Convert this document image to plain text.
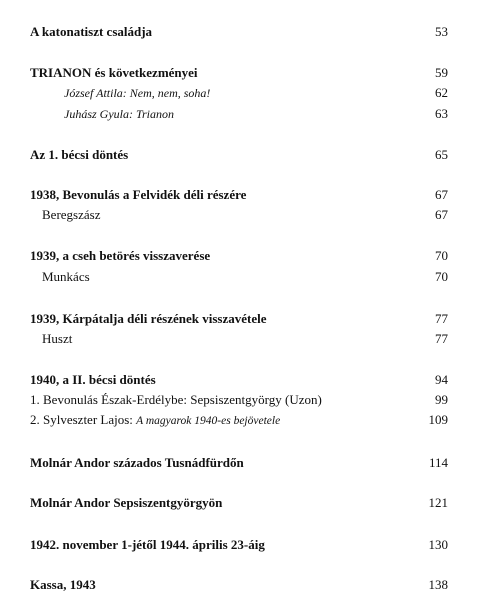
A katonatiszt családja	53
TRIANON és következményei	59
József Attila: Nem, nem, soha!	62
Juhász Gyula: Trianon	63
Az 1. bécsi döntés	65
1938, Bevonulás a Felvidék déli részére	67
Beregszász	67
1939, a cseh betörés visszaverése	70
Munkács	70
1939, Kárpátalja déli részének visszavétele	77
Huszt	77
1940, a II. bécsi döntés	94
1. Bevonulás Észak-Erdélybe: Sepsiszentgyörgy (Uzon)	99
2. Sylveszter Lajos: A magyarok 1940-es bejövetele	109
Molnár Andor százados Tusnádfürdőn	114
Molnár Andor Sepsiszentgyörgyön	121
1942. november 1-jétől 1944. április 23-áig	130
Kassa, 1943	138
